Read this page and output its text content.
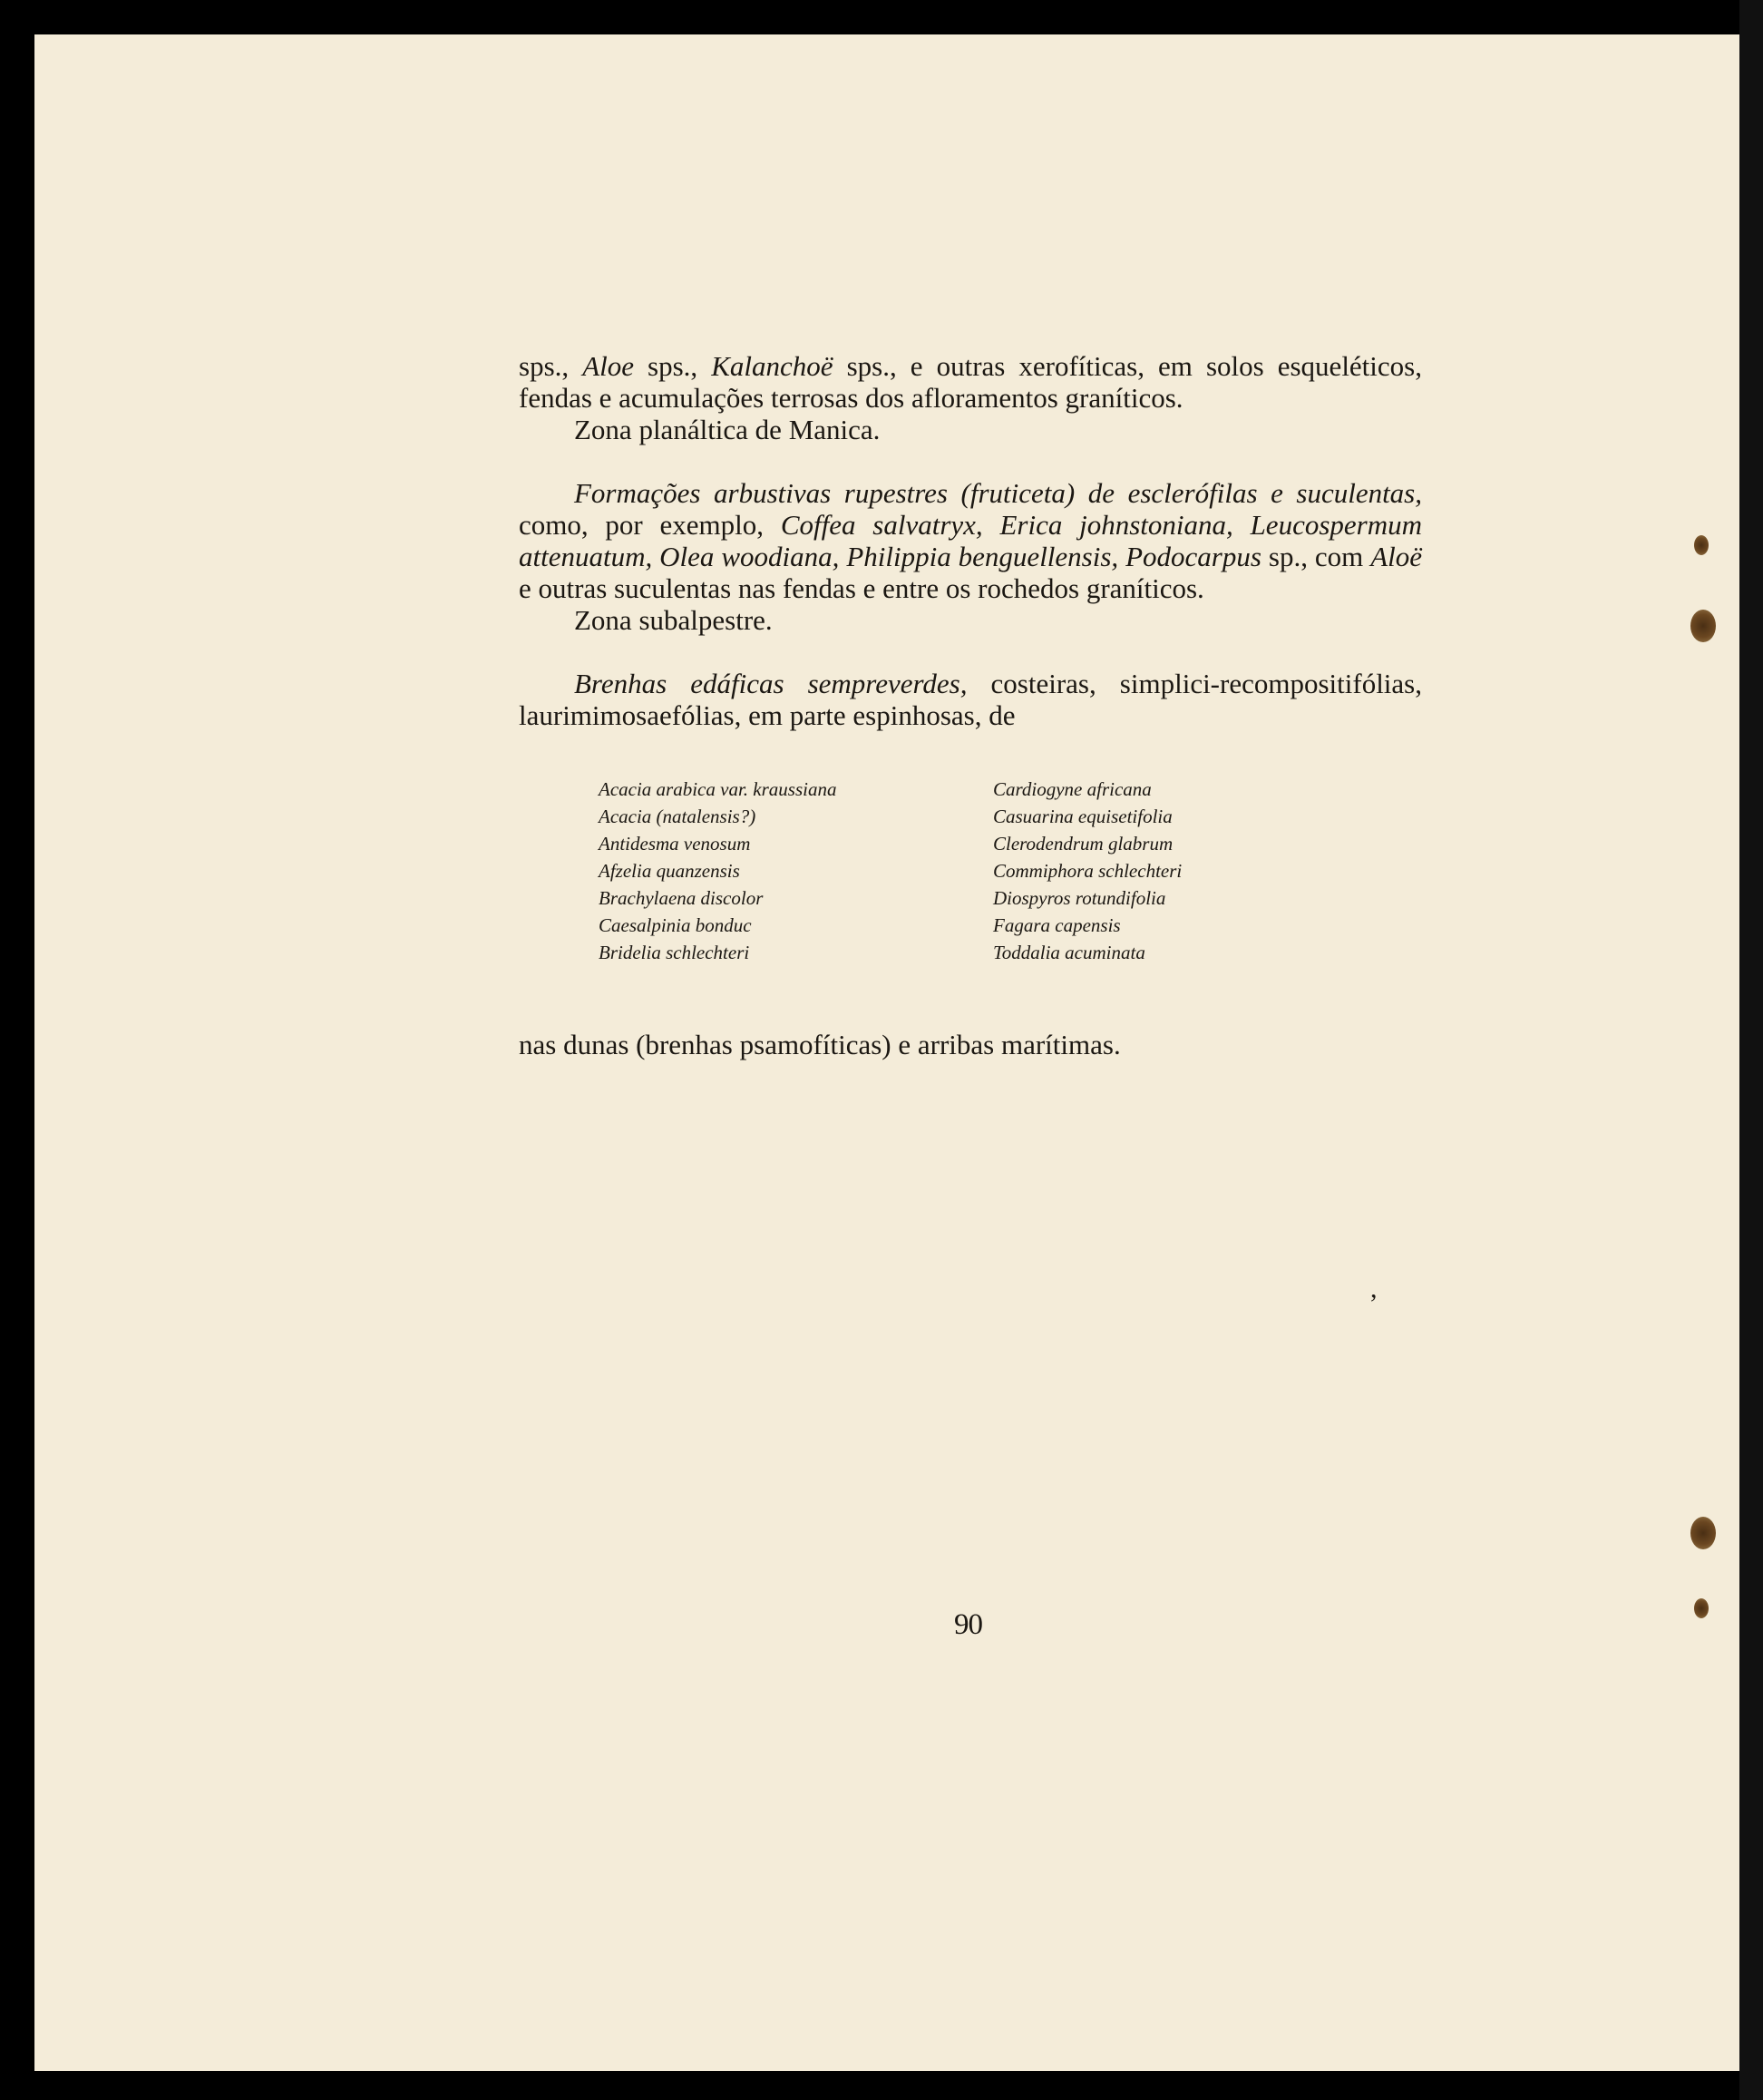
sps., Aloe sps., Kalanchoë sps., e outras xerofíticas, em solos esqueléticos, fendas e acumulações terrosas dos afloramentos graníticos.

Zona planáltica de Manica.

Formações arbustivas rupestres (fruticeta) de esclerófilas e suculentas, como, por exemplo, Coffea salvatryx, Erica johnstoniana, Leucospermum attenuatum, Olea woodiana, Philippia benguellensis, Podocarpus sp., com Aloë e outras suculentas nas fendas e entre os rochedos graníticos.

Zona subalpestre.

Brenhas edáficas sempreverdes, costeiras, simplici-recompositifólias, laurimimosaefólias, em parte espinhosas, de

Acacia arabica var. kraussiana
Acacia (natalensis?)
Antidesma venosum
Afzelia quanzensis
Brachylaena discolor
Caesalpinia bonduc
Bridelia schlechteri
Cardiogyne africana
Casuarina equisetifolia
Clerodendrum glabrum
Commiphora schlechteri
Diospyros rotundifolia
Fagara capensis
Toddalia acuminata

nas dunas (brenhas psamofíticas) e arribas marítimas.

,
90
